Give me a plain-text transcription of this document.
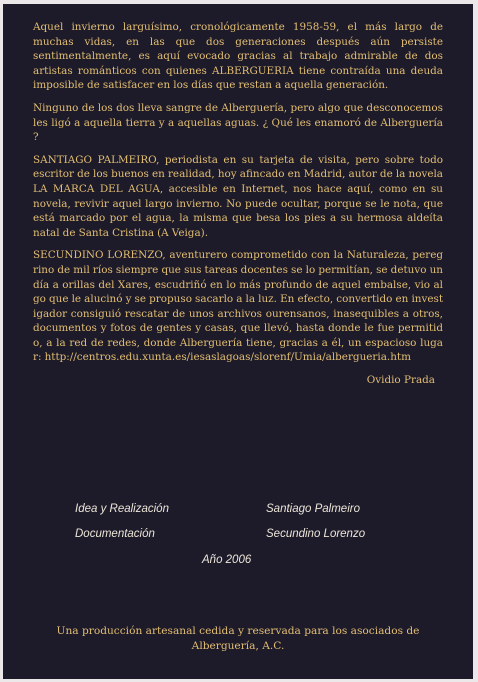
Aquel invierno larguísimo, cronológicamente 1958-59, el más largo de muchas vidas, en las que dos generaciones después aún persiste sentimentalmente, es aquí evocado gracias al trabajo admirable de dos artistas románticos con quienes ALBERGUERIA tiene contraída una deuda imposible de satisfacer en los días que restan a aquella generación.

Ninguno de los dos lleva sangre de Alberguería, pero algo que desconocemos les ligó a aquella tierra y a aquellas aguas. ¿ Qué les enamoró de Alberguería ?

SANTIAGO PALMEIRO, periodista en su tarjeta de visita, pero sobre todo escritor de los buenos en realidad, hoy afincado en Madrid, autor de la novela LA MARCA DEL AGUA, accesible en Internet, nos hace aquí, como en su novela, revivir aquel largo invierno. No puede ocultar, porque se le nota, que está marcado por el agua, la misma que besa los pies a su hermosa aldeíta natal de Santa Cristina (A Veiga).

SECUNDINO LORENZO, aventurero comprometido con la Naturaleza, peregrino de mil ríos siempre que sus tareas docentes se lo permitían, se detuvo un día a orillas del Xares, escudriñó en lo más profundo de aquel embalse, vio algo que le alucinó y se propuso sacarlo a la luz. En efecto, convertido en investigador consiguió rescatar de unos archivos ourensanos, inasequibles a otros, documentos y fotos de gentes y casas, que llevó, hasta donde le fue permitido, a la red de redes, donde Alberguería tiene, gracias a él, un espacioso lugar: http://centros.edu.xunta.es/iesaslagoas/slorenf/Umia/albergueria.htm

Ovidio Prada
Idea y Realización	Santiago Palmeiro
Documentación	Secundino Lorenzo
Año 2006
Una producción artesanal cedida y reservada para los asociados de Alberguería, A.C.
